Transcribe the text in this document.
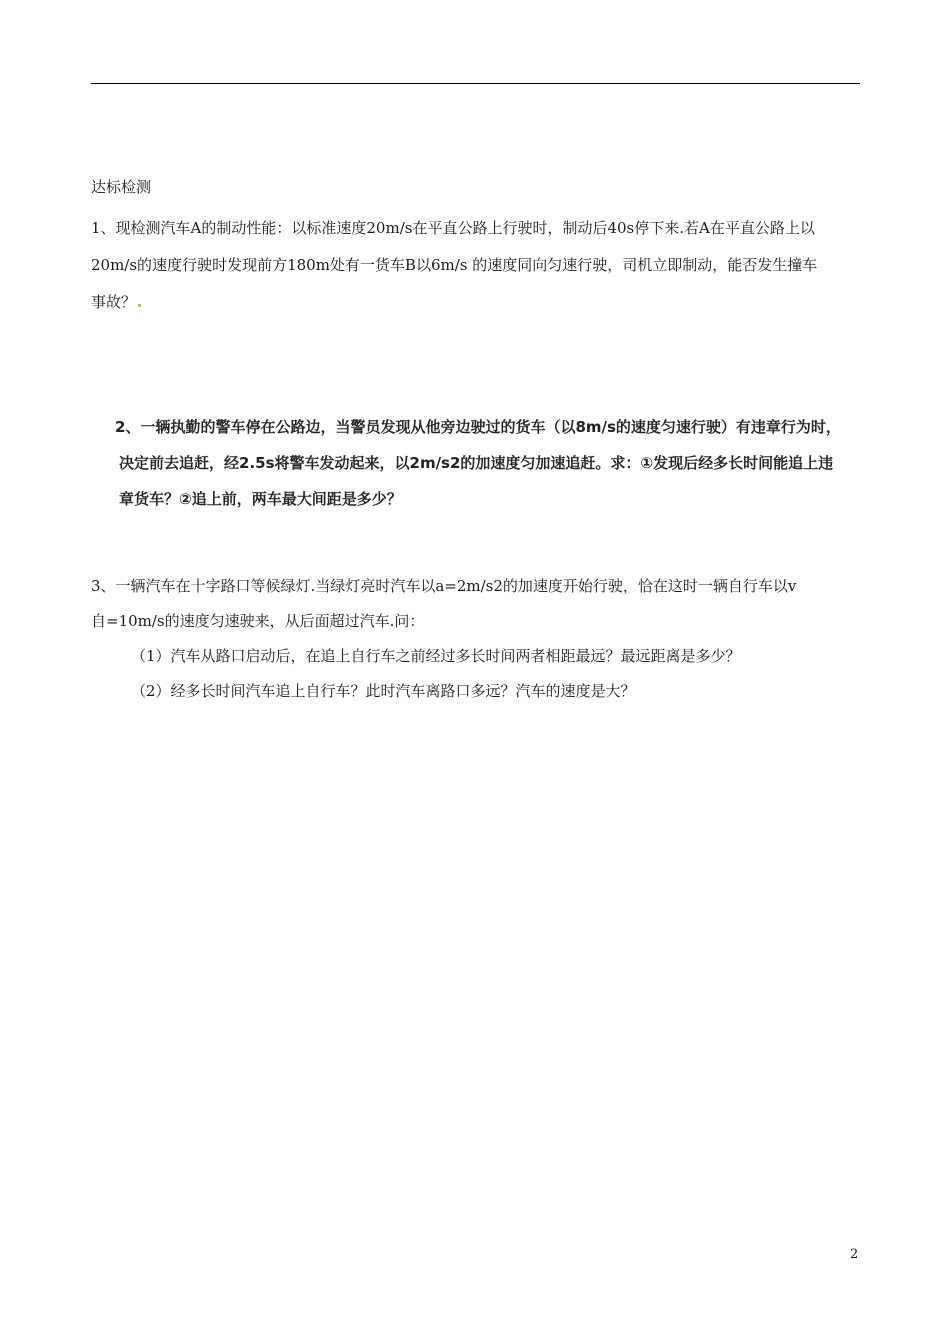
达标检测

1、现检测汽车A的制动性能：以标准速度20m/s在平直公路上行驶时，制动后40s停下来.若A在平直公路上以

20m/s的速度行驶时发现前方180m处有一货车B以6m/s 的速度同向匀速行驶，司机立即制动，能否发生撞车

事故？

2、一辆执勤的警车停在公路边，当警员发现从他旁边驶过的货车（以8m/s的速度匀速行驶）有违章行为时，

决定前去追赶，经2.5s将警车发动起来，以2m/s2的加速度匀加速追赶。求：①发现后经多长时间能追上违

章货车？②追上前，两车最大间距是多少？

3、一辆汽车在十字路口等候绿灯.当绿灯亮时汽车以a=2m/s2的加速度开始行驶，恰在这时一辆自行车以v

自=10m/s的速度匀速驶来，从后面超过汽车.问：

（1）汽车从路口启动后，在追上自行车之前经过多长时间两者相距最远？最远距离是多少？

（2）经多长时间汽车追上自行车？此时汽车离路口多远？汽车的速度是大？

2
